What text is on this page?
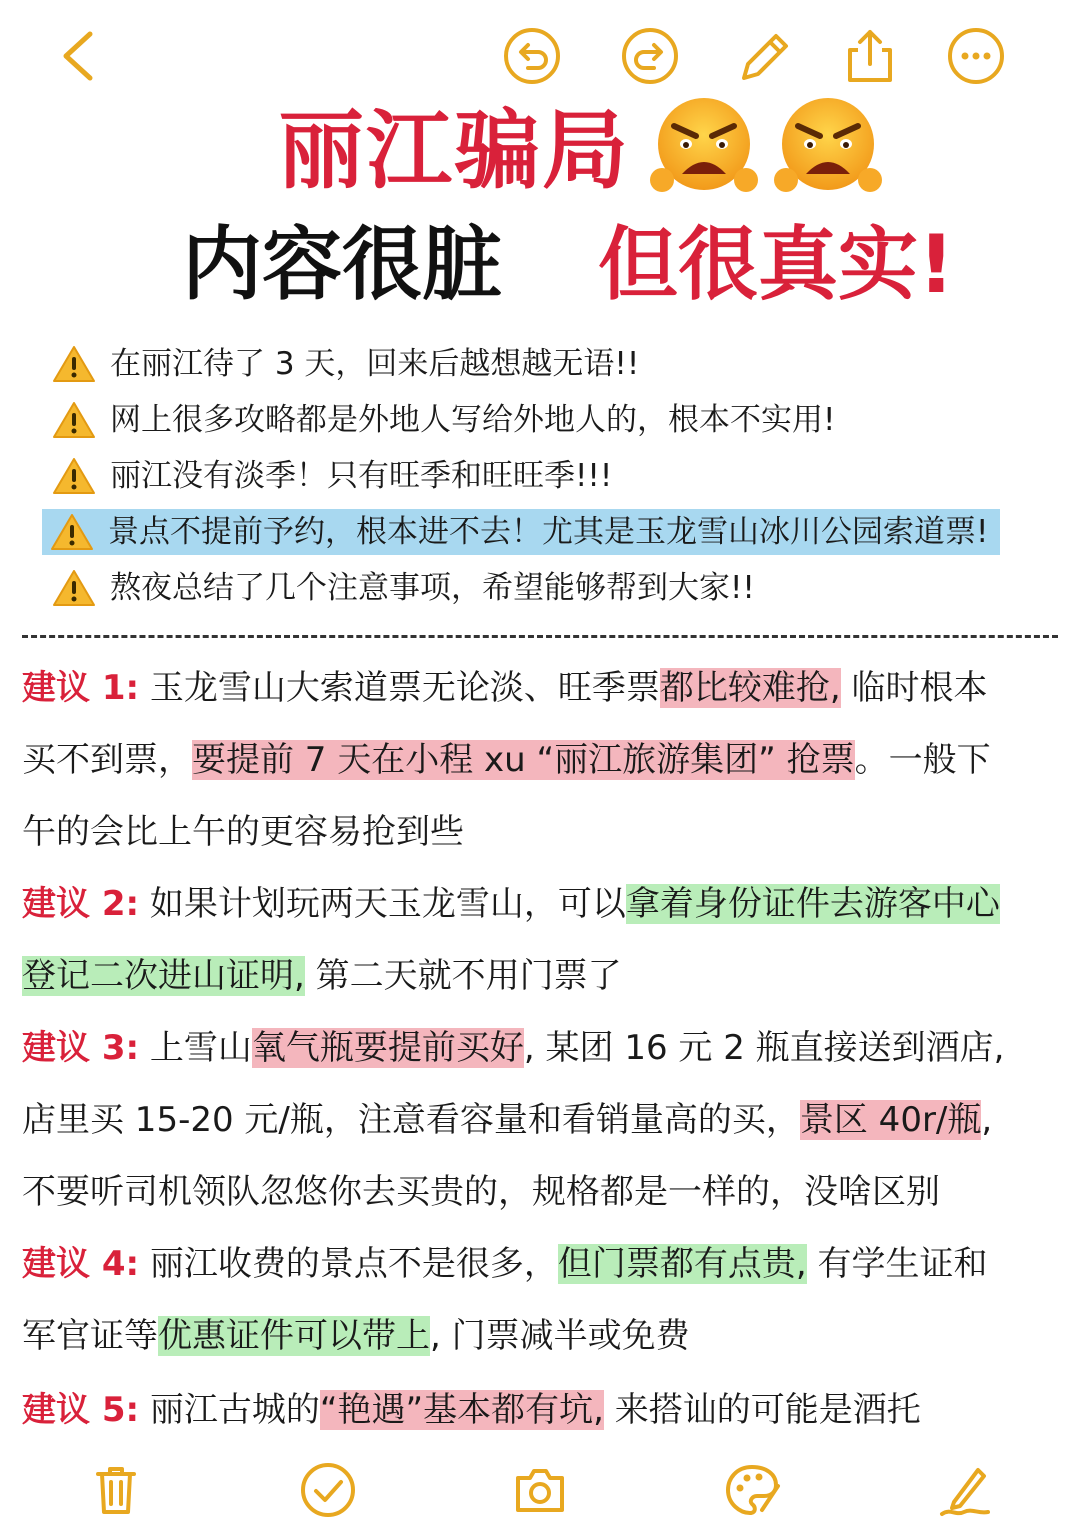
丽江骗局
内容很脏 但很真实!
在丽江待了 3 天，回来后越想越无语!!
网上很多攻略都是外地人写给外地人的，根本不实用!
丽江没有淡季！只有旺季和旺旺季!!!
景点不提前予约，根本进不去！尤其是玉龙雪山冰川公园索道票!
熬夜总结了几个注意事项，希望能够帮到大家!!
建议 1: 玉龙雪山大索道票无论淡、旺季票都比较难抢, 临时根本
买不到票，要提前 7 天在小程 xu “丽江旅游集团” 抢票。一般下
午的会比上午的更容易抢到些
建议 2: 如果计划玩两天玉龙雪山，可以拿着身份证件去游客中心
登记二次进山证明, 第二天就不用门票了
建议 3: 上雪山氧气瓶要提前买好, 某团 16 元 2 瓶直接送到酒店,
店里买 15-20 元/瓶，注意看容量和看销量高的买，景区 40r/瓶,
不要听司机领队忽悠你去买贵的，规格都是一样的，没啥区别
建议 4: 丽江收费的景点不是很多，但门票都有点贵, 有学生证和
军官证等优惠证件可以带上, 门票减半或免费
建议 5: 丽江古城的“艳遇”基本都有坑, 来搭讪的可能是酒托
